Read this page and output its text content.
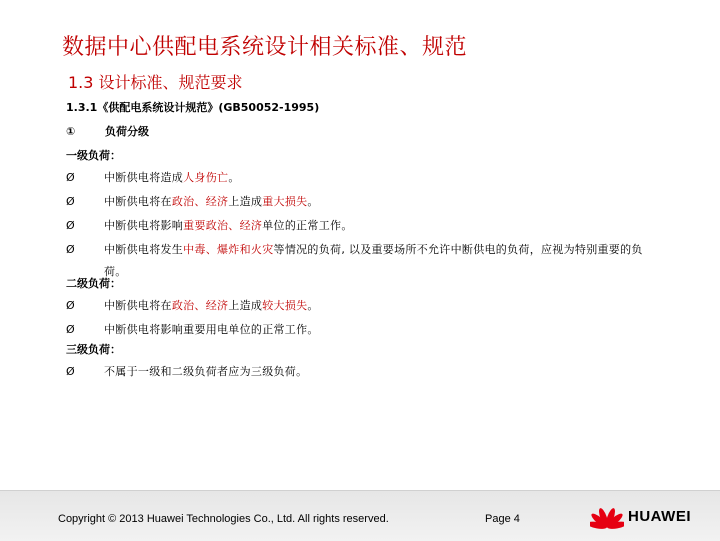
数据中心供配电系统设计相关标准、规范
1.3 设计标准、规范要求
1.3.1《供配电系统设计规范》(GB50052-1995)
①	负荷分级
一级负荷：
Ø	中断供电将造成人身伤亡。
Ø	中断供电将在政治、经济上造成重大损失。
Ø	中断供电将影响重要政治、经济单位的正常工作。
Ø	中断供电将发生中毒、爆炸和火灾等情况的负荷, 以及重要场所不允许中断供电的负荷，应视为特别重要的负
荷。
二级负荷：
Ø	中断供电将在政治、经济上造成较大损失。
Ø	中断供电将影响重要用电单位的正常工作。
三级负荷：
Ø	不属于一级和二级负荷者应为三级负荷。
Copyright © 2013 Huawei Technologies Co., Ltd. All rights reserved.	Page 4	HUAWEI
